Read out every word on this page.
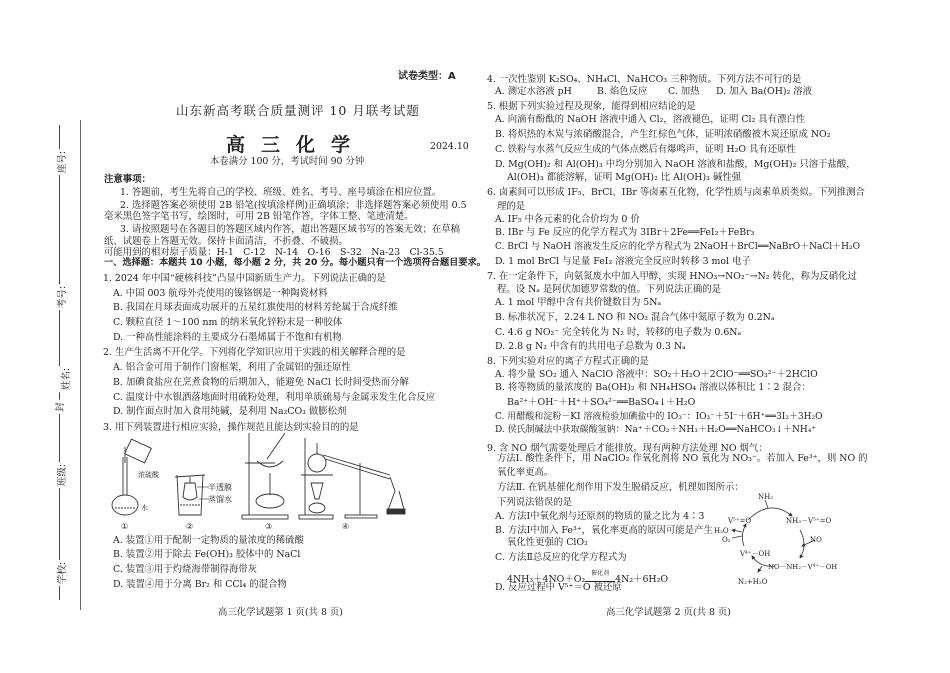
座号:
考号:
姓名:
封
班级:
学校:
试卷类型：A
山东新高考联合质量测评 10 月联考试题
高三化学	2024.10
本卷满分 100 分，考试时间 90 分钟
注意事项：
1. 答题前，考生先将自己的学校、班级、姓名、考号、座号填涂在相应位置。
2. 选择题答案必须使用 2B 铅笔(按填涂样例)正确填涂；非选择题答案必须使用 0.5
毫米黑色签字笔书写，绘图时，可用 2B 铅笔作答，字体工整、笔迹清楚。
3. 请按照题号在各题目的答题区域内作答，超出答题区域书写的答案无效；在草稿
纸、试题卷上答题无效。保持卡面清洁，不折叠、不破损。
可能用到的相对原子质量：H-1　C-12　N-14　O-16　S-32　Na-23　Cl-35.5
一、选择题：本题共 10 小题，每小题 2 分，共 20 分。每小题只有一个选项符合题目要求。
1. 2024 年中国“硬核科技”凸显中国新质生产力。下列说法正确的是
A. 中国 003 航母外壳使用的镍铬钢是一种陶瓷材料
B. 我国在月球表面成功展开的五星红旗使用的材料芳纶属于合成纤维
C. 颗粒直径 1～100 nm 的纳米氧化锌粉末是一种胶体
D. 一种高性能涂料的主要成分石墨烯属于不饱和有机物
2. 生产生活离不开化学。下列将化学知识应用于实践的相关解释合理的是
A. 铝合金可用于制作门窗框架，利用了金属铝的强还原性
B. 加碘食盐应在烹煮食物的后期加入，能避免 NaCl 长时间受热而分解
C. 温度计中水银洒落地面时用硫粉处理，利用单质硫易与金属汞发生化合反应
D. 制作面点时加入食用纯碱，是利用 Na₂CO₃ 做膨松剂
3. 用下列装置进行相应实验，操作规范且能达到实验目的的是
浓硫酸
水
半透膜
蒸馏水
①	②	③	④
A. 装置①用于配制一定物质的量浓度的稀硫酸
B. 装置②用于除去 Fe(OH)₃ 胶体中的 NaCl
C. 装置③用于灼烧海带制得海带灰
D. 装置④用于分离 Br₂ 和 CCl₄ 的混合物
高三化学试题第 1 页(共 8 页)
4. 一次性鉴别 K₂SO₄、NH₄Cl、NaHCO₃ 三种物质。下列方法不可行的是
A. 测定水溶液 pH	B. 焰色反应 C. 加热 D. 加入 Ba(OH)₂ 溶液
5. 根据下列实验过程及现象，能得到相应结论的是
A. 向滴有酚酞的 NaOH 溶液中通入 Cl₂，溶液褪色，证明 Cl₂ 具有漂白性
B. 将炽热的木炭与浓硝酸混合，产生红棕色气体，证明浓硝酸被木炭还原成 NO₂
C. 铁粉与水蒸气反应生成的气体点燃后有爆鸣声，证明 H₂O 具有还原性
D. Mg(OH)₂ 和 Al(OH)₃ 中均分别加入 NaOH 溶液和盐酸，Mg(OH)₂ 只溶于盐酸，
Al(OH)₃ 都能溶解，证明 Mg(OH)₂ 比 Al(OH)₃ 碱性强
6. 卤素间可以形成 IF₅、BrCl、IBr 等卤素互化物，化学性质与卤素单质类似。下列推测合
理的是
A. IF₅ 中各元素的化合价均为 0 价
B. IBr 与 Fe 反应的化学方程式为 3IBr＋2Fe══FeI₂＋FeBr₃
C. BrCl 与 NaOH 溶液发生反应的化学方程式为 2NaOH＋BrCl══NaBrO＋NaCl＋H₂O
D. 1 mol BrCl 与足量 FeI₂ 溶液完全反应时转移 3 mol 电子
7. 在一定条件下，向氨氮废水中加入甲醇，实现 HNO₃→NO₂⁻→N₂ 转化，称为反硝化过
程。设 Nₐ 是阿伏加德罗常数的值。下列说法正确的是
A. 1 mol 甲醇中含有共价键数目为 5Nₐ
B. 标准状况下，2.24 L NO 和 NO₂ 混合气体中氮原子数为 0.2Nₐ
C. 4.6 g NO₂⁻ 完全转化为 N₂ 时，转移的电子数为 0.6Nₐ
D. 2.8 g N₂ 中含有的共用电子总数为 0.3 Nₐ
8. 下列实验对应的离子方程式正确的是
A. 将少量 SO₂ 通入 NaClO 溶液中：SO₂＋H₂O＋2ClO⁻══SO₃²⁻＋2HClO
B. 将等物质的量浓度的 Ba(OH)₂ 和 NH₄HSO₄ 溶液以体积比 1∶2 混合：
Ba²⁺＋OH⁻＋H⁺＋SO₄²⁻══BaSO₄↓＋H₂O
C. 用醋酸和淀粉－KI 溶液检验加碘盐中的 IO₃⁻：IO₃⁻＋5I⁻＋6H⁺══3I₂＋3H₂O
D. 侯氏制碱法中获取碳酸氢钠：Na⁺＋CO₂＋NH₃＋H₂O══NaHCO₃↓＋NH₄⁺
9. 含 NO 烟气需要处理后才能排放。现有两种方法处理 NO 烟气：
方法Ⅰ. 酸性条件下，用 NaClO₂ 作氧化剂将 NO 氧化为 NO₃⁻。若加入 Fe³⁺，则 NO 的
氧化率更高。
方法Ⅱ. 在钒基催化剂作用下发生脱硝反应，机理如图所示：
下列说法错误的是
A. 方法Ⅰ中氧化剂与还原剂的物质的量之比为 4∶3
B. 方法Ⅰ中加入 Fe³⁺，氧化率更高的原因可能是产生
氧化性更强的 ClO₂
C. 方法Ⅱ总反应的化学方程式为
4NH₃＋4NO＋O₂
催化剂
4N₂＋6H₂O
D. 反应过程中 V⁵⁺＝O 被还原
NH₃
V⁵⁺=O	NH₃－V⁵⁺=O
NO
NO－NH₂－V⁴⁺－OH
N₂+H₂O
V⁴⁺－OH
O₂
H₂O
高三化学试题第 2 页(共 8 页)
